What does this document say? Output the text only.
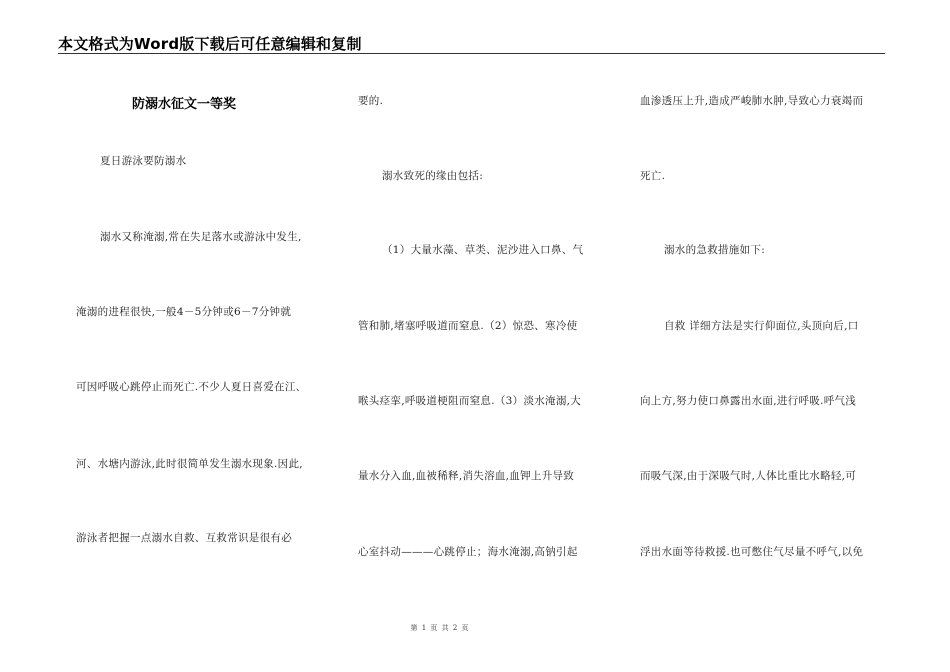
本文格式为Word版下载后可任意编辑和复制
防溺水征文一等奖
夏日游泳要防溺水
溺水又称淹溺,常在失足落水或游泳中发生,
淹溺的进程很快,一般4－5分钟或6－7分钟就
可因呼吸心跳停止而死亡.不少人夏日喜爱在江、
河、水塘内游泳,此时很简单发生溺水现象.因此,
游泳者把握一点溺水自救、互救常识是很有必
要的.
溺水致死的缘由包括:
（1）大量水藻、草类、泥沙进入口鼻、气
管和肺,堵塞呼吸道而窒息.（2）惊恐、寒冷使
喉头痉挛,呼吸道梗阻而窒息.（3）淡水淹溺,大
量水分入血,血被稀释,消失溶血,血钾上升导致
心室抖动———心跳停止；海水淹溺,高钠引起
血渗透压上升,造成严峻肺水肿,导致心力衰竭而
死亡.
溺水的急救措施如下:
自救 详细方法是实行仰面位,头顶向后,口
向上方,努力使口鼻露出水面,进行呼吸.呼气浅
而吸气深,由于深吸气时,人体比重比水略轻,可
浮出水面等待救援.也可憋住气尽量不呼气,以免
第 1 页 共 2 页
